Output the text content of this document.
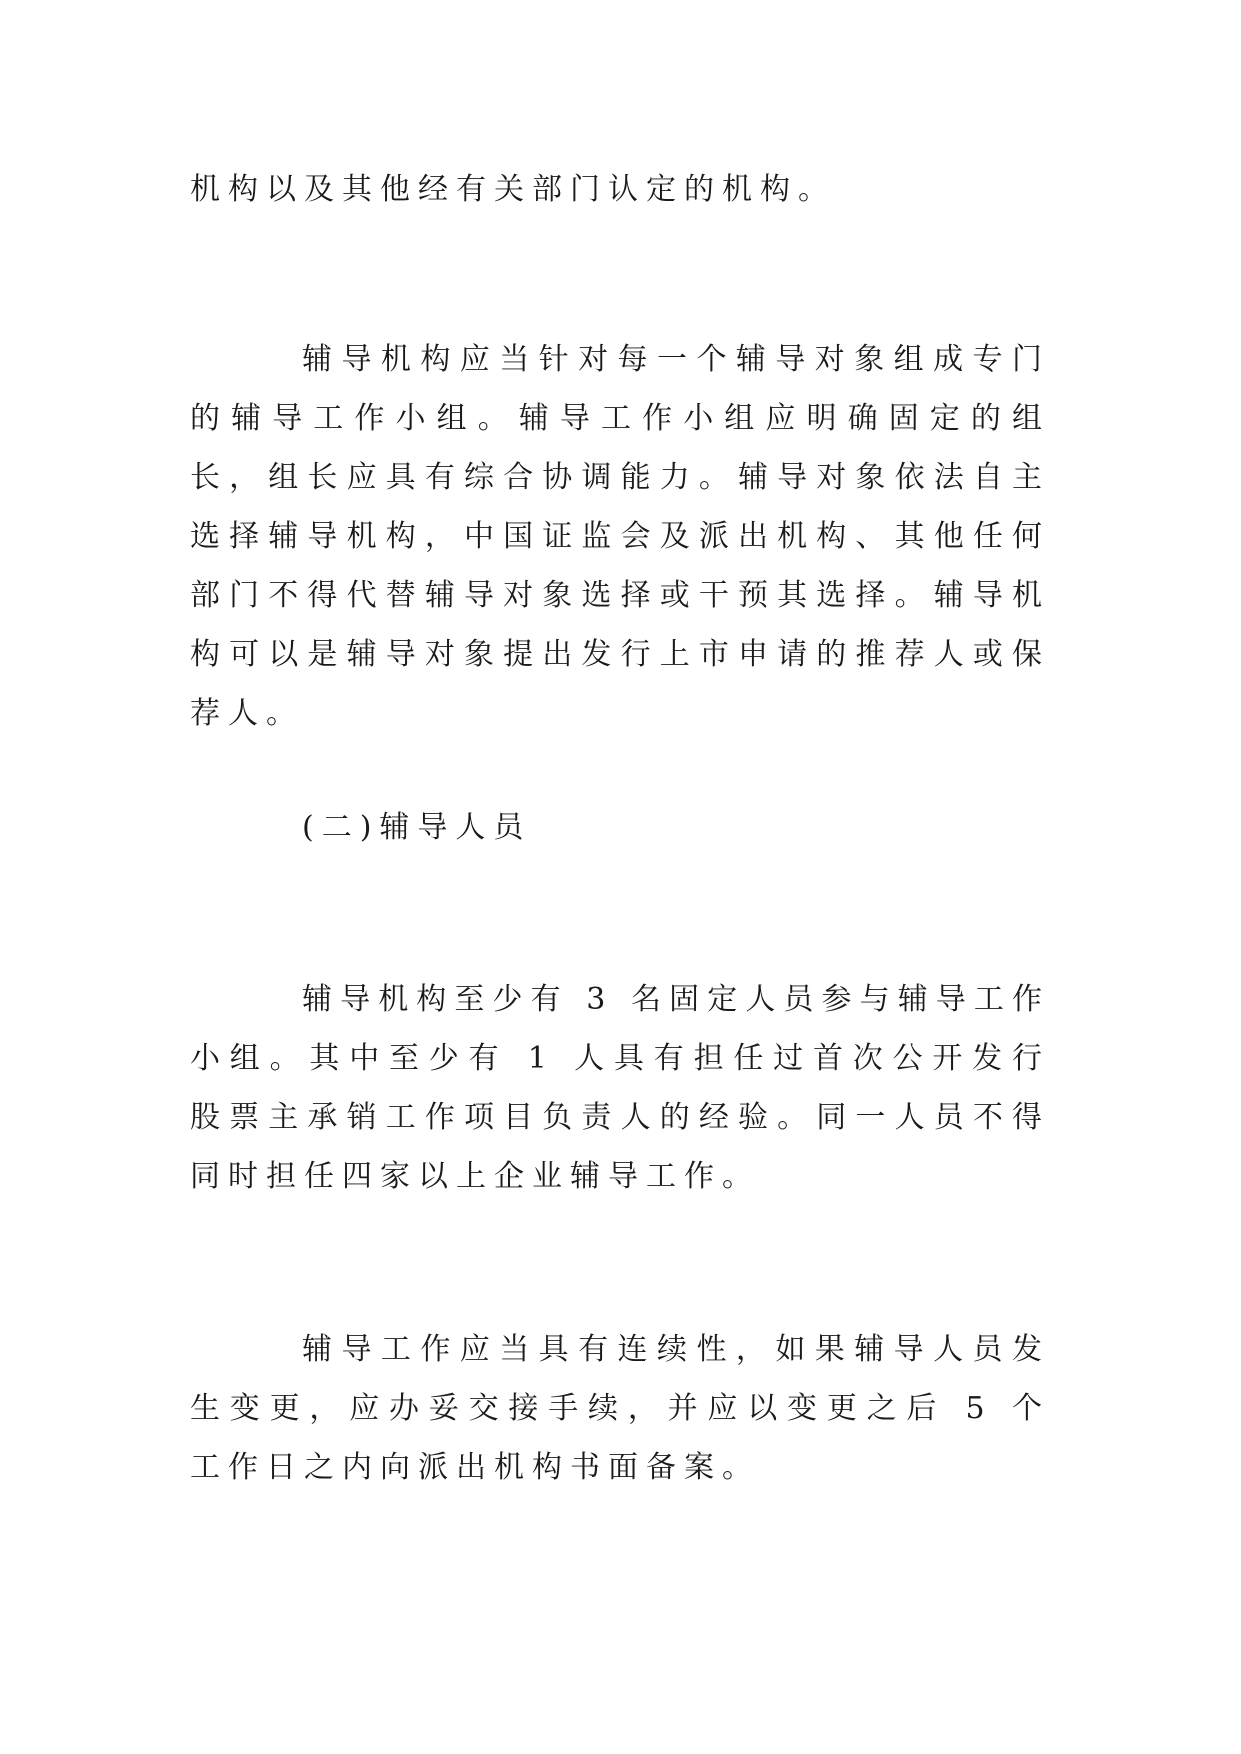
机构以及其他经有关部门认定的机构。

辅导机构应当针对每一个辅导对象组成专门的辅导工作小组。辅导工作小组应明确固定的组长，组长应具有综合协调能力。辅导对象依法自主选择辅导机构，中国证监会及派出机构、其他任何部门不得代替辅导对象选择或干预其选择。辅导机构可以是辅导对象提出发行上市申请的推荐人或保荐人。

(二)辅导人员

辅导机构至少有 3 名固定人员参与辅导工作小组。其中至少有 1 人具有担任过首次公开发行股票主承销工作项目负责人的经验。同一人员不得同时担任四家以上企业辅导工作。

辅导工作应当具有连续性，如果辅导人员发生变更，应办妥交接手续，并应以变更之后 5 个工作日之内向派出机构书面备案。
